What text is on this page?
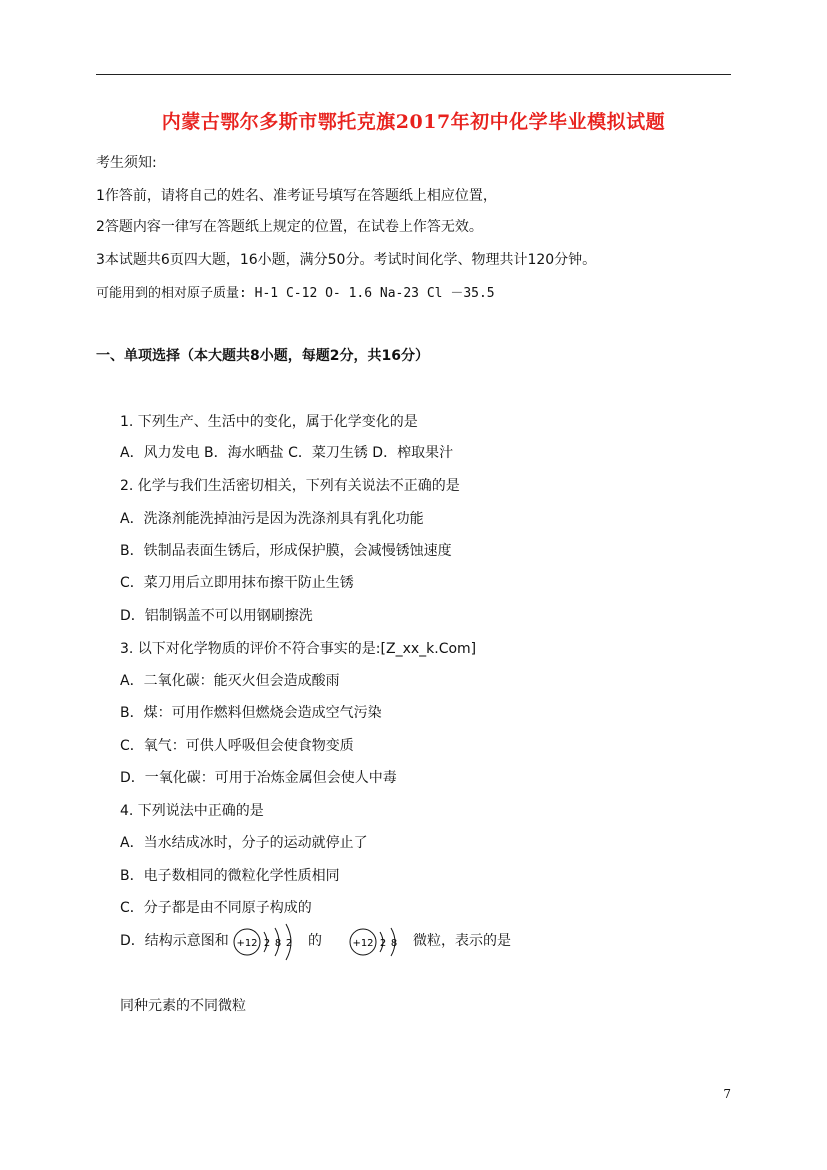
内蒙古鄂尔多斯市鄂托克旗2017年初中化学毕业模拟试题
考生须知:
1作答前，请将自己的姓名、准考证号填写在答题纸上相应位置，
2答题内容一律写在答题纸上规定的位置，在试卷上作答无效。
3本试题共6页四大题，16小题，满分50分。考试时间化学、物理共计120分钟。
可能用到的相对原子质量: H-1 C-12 O- 1.6 Na-23 Cl －35.5
一、单项选择（本大题共8小题，每题2分，共16分）
1. 下列生产、生活中的变化，属于化学变化的是
A．风力发电 B．海水晒盐 C．菜刀生锈 D．榨取果汁
2. 化学与我们生活密切相关，下列有关说法不正确的是
A．洗涤剂能洗掉油污是因为洗涤剂具有乳化功能
B．铁制品表面生锈后，形成保护膜，会减慢锈蚀速度
C．菜刀用后立即用抹布擦干防止生锈
D．铝制锅盖不可以用钢刷擦洗
3. 以下对化学物质的评价不符合事实的是:[Z_xx_k.Com]
A．二氧化碳：能灭火但会造成酸雨
B．煤：可用作燃料但燃烧会造成空气污染
C．氧气：可供人呼吸但会使食物变质
D．一氧化碳：可用于冶炼金属但会使人中毒
4. 下列说法中正确的是
A．当水结成冰时，分子的运动就停止了
B．电子数相同的微粒化学性质相同
C．分子都是由不同原子构成的
D．结构示意图和 +12 2 8 2 的	+12 2 8 微粒，表示的是
同种元素的不同微粒
7
